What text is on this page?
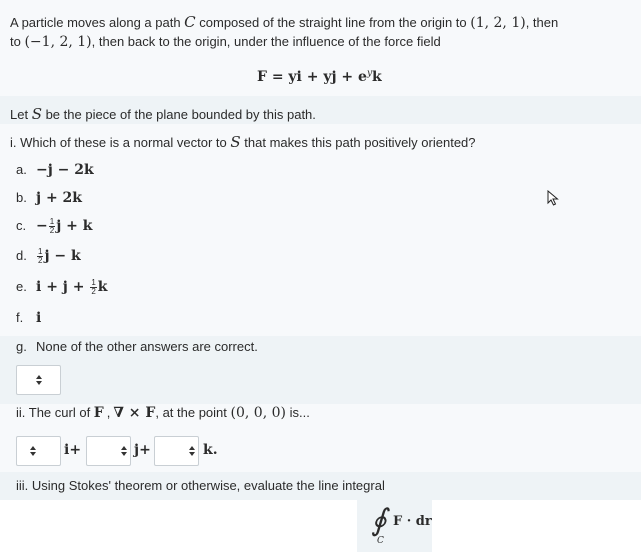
A particle moves along a path C composed of the straight line from the origin to (1, 2, 1), then
to (−1, 2, 1), then back to the origin, under the influence of the force field
F = yi + yj + $e^yk$
Let S be the piece of the plane bounded by this path.
i. Which of these is a normal vector to S that makes this path positively oriented?
a. −j − 2k
b. j + 2k
c. − $\frac{1}{2}$ j + k
d. $\frac{1}{2}$ j − k
e. $i + j + \frac{1}{2}$ k
f. i
g. None of the other answers are correct.
ii. The curl of F , ∇ × F, at the point (0, 0, 0) is...
i+	j+	k.
iii. Using Stokes' theorem or otherwise, evaluate the line integral
∮
C
F · dr
